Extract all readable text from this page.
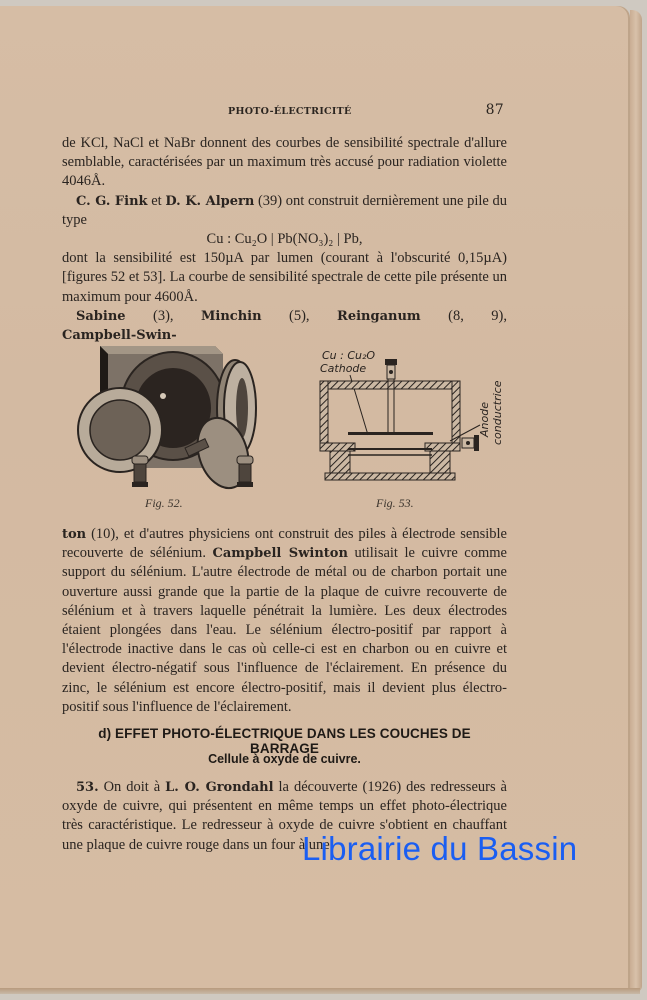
PHOTO-ÉLECTRICITÉ	87

de KCl, NaCl et NaBr donnent des courbes de sensibilité spectrale d'allure semblable, caractérisées par un maximum très accusé pour radiation violette 4046Å.

C. G. Fink et D. K. Alpern (39) ont construit dernièrement une pile du type

Cu : Cu₂O | Pb(NO₃)₂ | Pb,

dont la sensibilité est 150µA par lumen (courant à l'obscurité 0,15µA) [figures 52 et 53]. La courbe de sensibilité spectrale de cette pile présente un maximum pour 4600Å.

Sabine (3), Minchin (5), Reinganum (8, 9), Campbell-Swin-

Fig. 52.
Cu : Cu₂O
Cathode
Anode conductrice
Fig. 53.

ton (10), et d'autres physiciens ont construit des piles à électrode sensible recouverte de sélénium. Campbell Swinton utilisait le cuivre comme support du sélénium. L'autre électrode de métal ou de charbon portait une ouverture aussi grande que la partie de la plaque de cuivre recouverte de sélénium et à travers laquelle pénétrait la lumière. Les deux électrodes étaient plongées dans l'eau. Le sélénium électro-positif par rapport à l'électrode inactive dans le cas où celle-ci est en charbon ou en cuivre et devient électro-négatif sous l'influence de l'éclairement. En présence du zinc, le sélénium est encore électro-positif, mais il devient plus électro-positif sous l'influence de l'éclairement.

d) EFFET PHOTO-ÉLECTRIQUE DANS LES COUCHES DE BARRAGE
Cellule à oxyde de cuivre.

53. On doit à L. O. Grondahl la découverte (1926) des redresseurs à oxyde de cuivre, qui présentent en même temps un effet photo-électrique très caractéristique. Le redresseur à oxyde de cuivre s'obtient en chauffant une plaque de cuivre rouge dans un four à une

Librairie du Bassin
